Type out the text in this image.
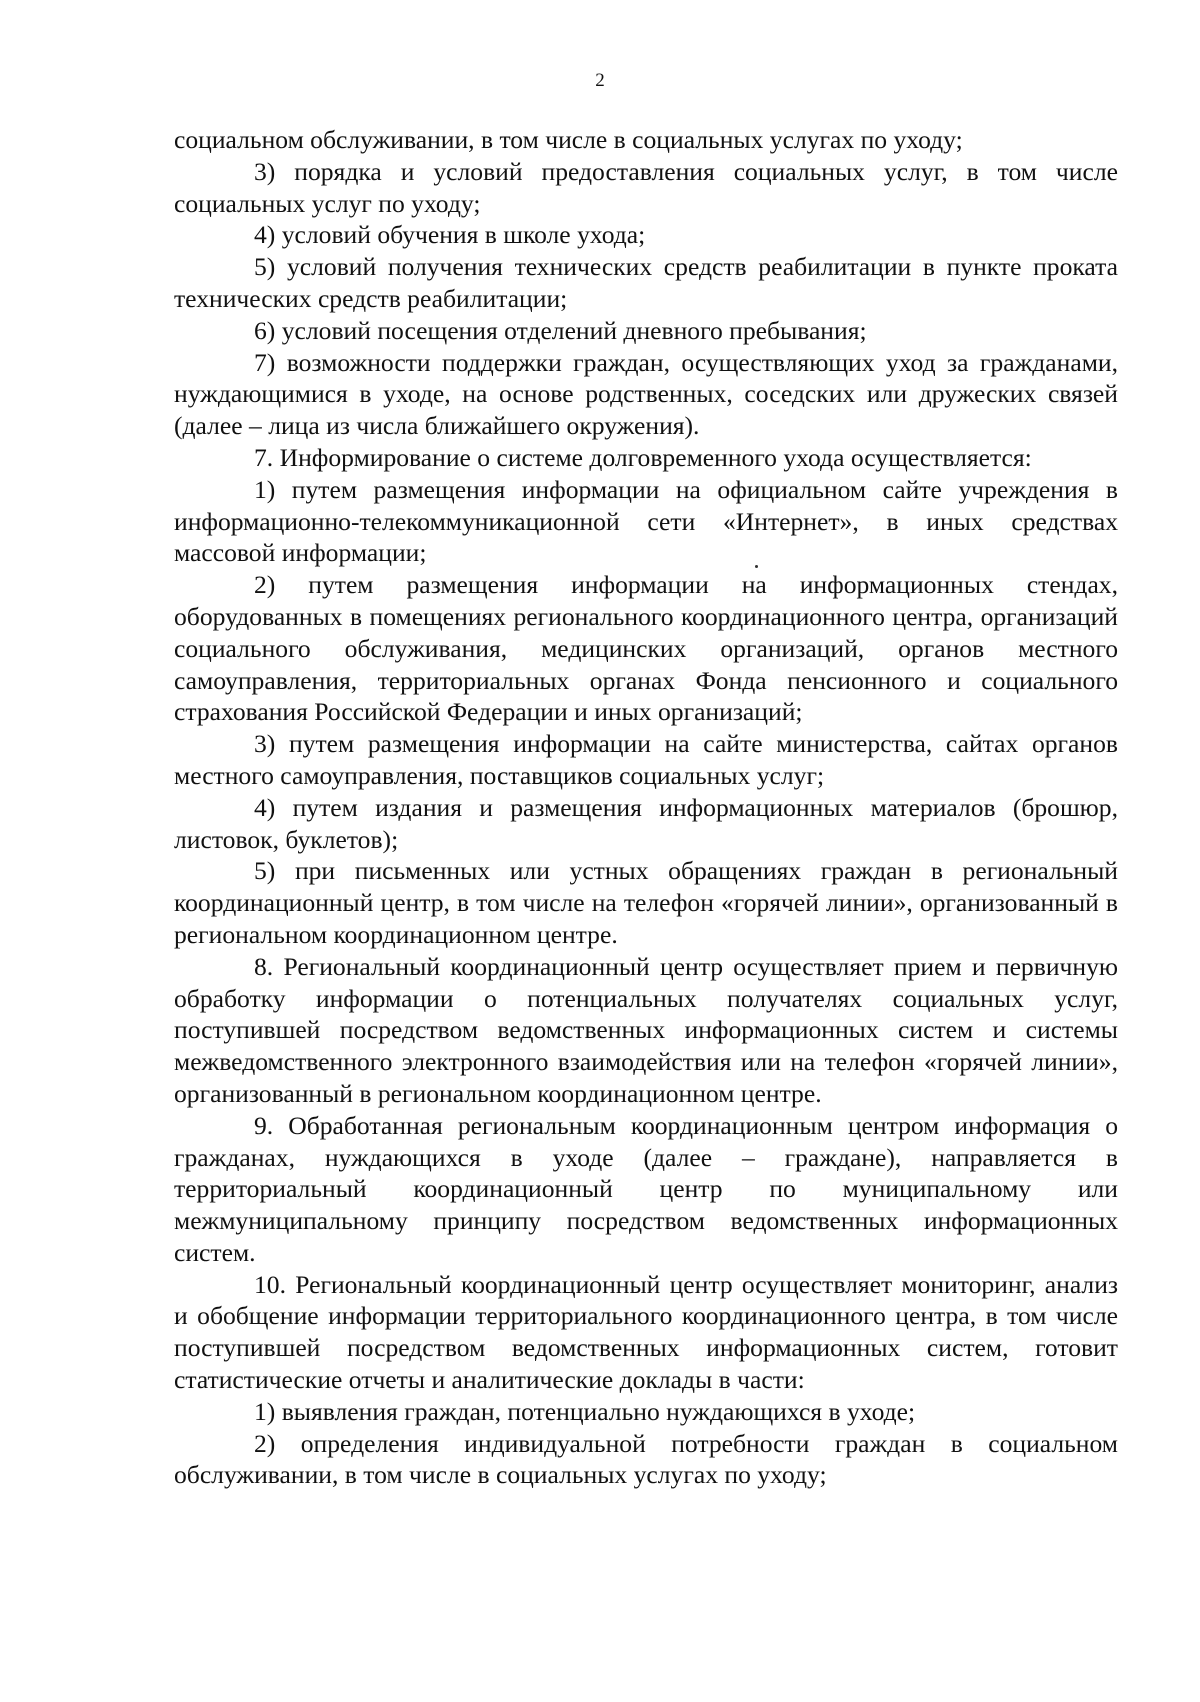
2

социальном обслуживании, в том числе в социальных услугах по уходу;

3) порядка и условий предоставления социальных услуг, в том числе социальных услуг по уходу;

4) условий обучения в школе ухода;

5) условий получения технических средств реабилитации в пункте проката технических средств реабилитации;

6) условий посещения отделений дневного пребывания;

7) возможности поддержки граждан, осуществляющих уход за гражданами, нуждающимися в уходе, на основе родственных, соседских или дружеских связей (далее – лица из числа ближайшего окружения).

7. Информирование о системе долговременного ухода осуществляется:

1) путем размещения информации на официальном сайте учреждения в информационно-телекоммуникационной сети «Интернет», в иных средствах массовой информации;

2) путем размещения информации на информационных стендах, оборудованных в помещениях регионального координационного центра, организаций социального обслуживания, медицинских организаций, органов местного самоуправления, территориальных органах Фонда пенсионного и социального страхования Российской Федерации и иных организаций;

3) путем размещения информации на сайте министерства, сайтах органов местного самоуправления, поставщиков социальных услуг;

4) путем издания и размещения информационных материалов (брошюр, листовок, буклетов);

5) при письменных или устных обращениях граждан в региональный координационный центр, в том числе на телефон «горячей линии», организованный в региональном координационном центре.

8. Региональный координационный центр осуществляет прием и первичную обработку информации о потенциальных получателях социальных услуг, поступившей посредством ведомственных информационных систем и системы межведомственного электронного взаимодействия или на телефон «горячей линии», организованный в региональном координационном центре.

9. Обработанная региональным координационным центром информация о гражданах, нуждающихся в уходе (далее – граждане), направляется в территориальный координационный центр по муниципальному или межмуниципальному принципу посредством ведомственных информационных систем.

10. Региональный координационный центр осуществляет мониторинг, анализ и обобщение информации территориального координационного центра, в том числе поступившей посредством ведомственных информационных систем, готовит статистические отчеты и аналитические доклады в части:

1) выявления граждан, потенциально нуждающихся в уходе;

2) определения индивидуальной потребности граждан в социальном обслуживании, в том числе в социальных услугах по уходу;
